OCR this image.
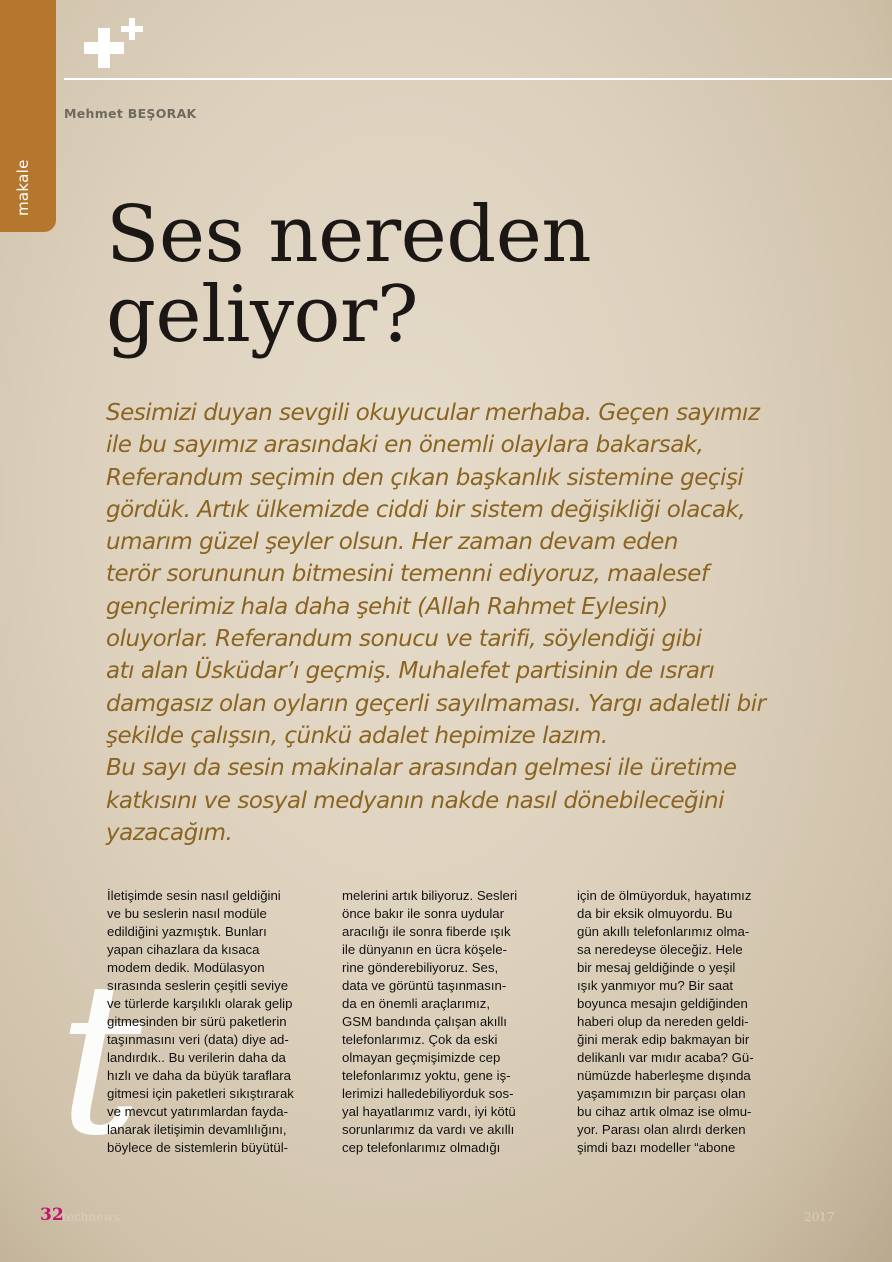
makale
Mehmet BEŞORAK
Ses nereden
geliyor?

Sesimizi duyan sevgili okuyucular merhaba. Geçen sayımız
ile bu sayımız arasındaki en önemli olaylara bakarsak,
Referandum seçimin den çıkan başkanlık sistemine geçişi
gördük. Artık ülkemizde ciddi bir sistem değişikliği olacak,
umarım güzel şeyler olsun. Her zaman devam eden
terör sorununun bitmesini temenni ediyoruz, maalesef
gençlerimiz hala daha şehit (Allah Rahmet Eylesin)
oluyorlar. Referandum sonucu ve tarifi, söylendiği gibi
atı alan Üsküdar’ı geçmiş. Muhalefet partisinin de ısrarı
damgasız olan oyların geçerli sayılmaması. Yargı adaletli bir
şekilde çalışsın, çünkü adalet hepimize lazım.
Bu sayı da sesin makinalar arasından gelmesi ile üretime
katkısını ve sosyal medyanın nakde nasıl dönebileceğini
yazacağım.

t

İletişimde sesin nasıl geldiğini
ve bu seslerin nasıl modüle
edildiğini yazmıştık. Bunları
yapan cihazlara da kısaca
modem dedik. Modülasyon
sırasında seslerin çeşitli seviye
ve türlerde karşılıklı olarak gelip
gitmesinden bir sürü paketlerin
taşınmasını veri (data) diye ad-
landırdık.. Bu verilerin daha da
hızlı ve daha da büyük taraflara
gitmesi için paketleri sıkıştırarak
ve mevcut yatırımlardan fayda-
lanarak iletişimin devamlılığını,
böylece de sistemlerin büyütül-

melerini artık biliyoruz. Sesleri
önce bakır ile sonra uydular
aracılığı ile sonra fiberde ışık
ile dünyanın en ücra köşele-
rine gönderebiliyoruz. Ses,
data ve görüntü taşınmasın-
da en önemli araçlarımız,
GSM bandında çalışan akıllı
telefonlarımız. Çok da eski
olmayan geçmişimizde cep
telefonlarımız yoktu, gene iş-
lerimizi halledebiliyorduk sos-
yal hayatlarımız vardı, iyi kötü
sorunlarımız da vardı ve akıllı
cep telefonlarımız olmadığı

için de ölmüyorduk, hayatımız
da bir eksik olmuyordu. Bu
gün akıllı telefonlarımız olma-
sa neredeyse öleceğiz. Hele
bir mesaj geldiğinde o yeşil
ışık yanmıyor mu? Bir saat
boyunca mesajın geldiğinden
haberi olup da nereden geldi-
ğini merak edip bakmayan bir
delikanlı var mıdır acaba? Gü-
nümüzde haberleşme dışında
yaşamımızın bir parçası olan
bu cihaz artık olmaz ise olmu-
yor. Parası olan alırdı derken
şimdi bazı modeller “abone

32
technews	2017
